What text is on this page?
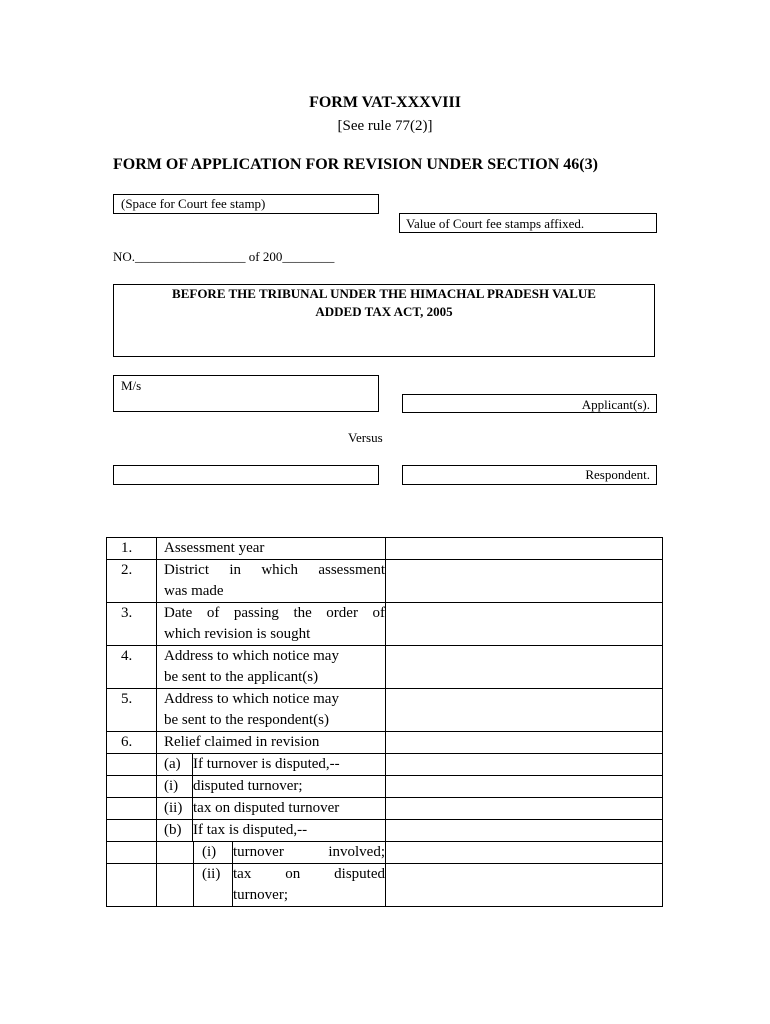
FORM VAT-XXXVIII
[See rule 77(2)]
FORM OF APPLICATION FOR REVISION UNDER SECTION 46(3)
(Space for Court fee stamp)
Value of Court fee stamps affixed.
NO._________________ of 200________
BEFORE THE TRIBUNAL UNDER THE HIMACHAL PRADESH VALUE
ADDED TAX ACT, 2005
M/s
Applicant(s).
Versus
Respondent.
1.	Assessment year	
2.	District in which assessment
was made

3.	Date of passing the order of
which revision is sought

4.	Address to which notice may
be sent to the applicant(s)

5.	Address to which notice may
be sent to the respondent(s)

6.	Relief claimed in revision	

(a)	If turnover is disputed,--

(i)	disputed turnover;

(ii)	tax on disputed turnover

(b)	If tax is disputed,--

	(i)	turnover involved;

	(ii)	tax on disputed
turnover;
